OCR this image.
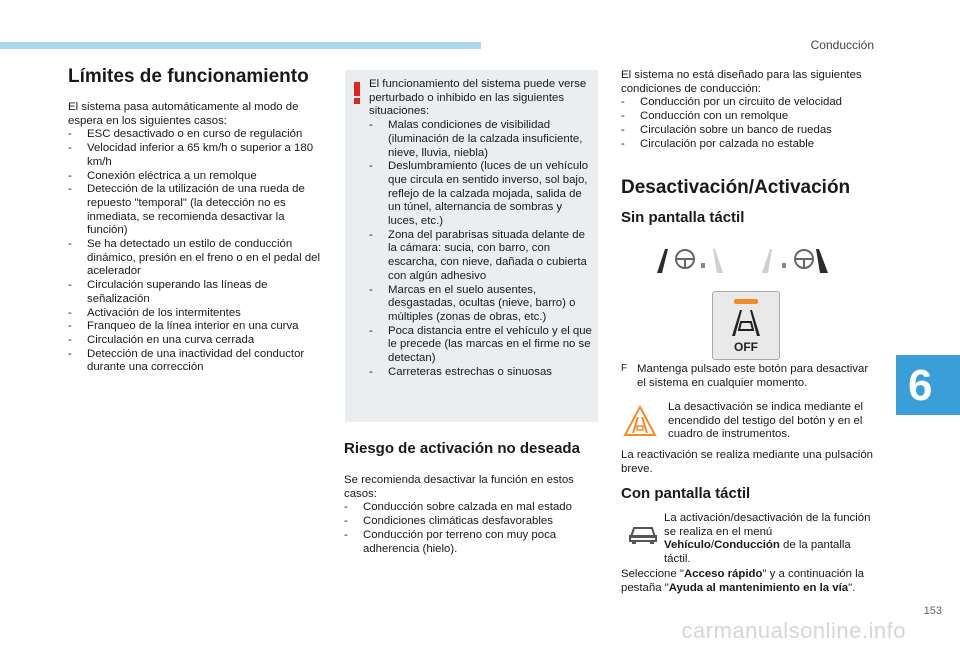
Conducción
Límites de funcionamiento
El sistema pasa automáticamente al modo de espera en los siguientes casos:
- ESC desactivado o en curso de regulación
- Velocidad inferior a 65 km/h o superior a 180 km/h
- Conexión eléctrica a un remolque
- Detección de la utilización de una rueda de repuesto "temporal" (la detección no es inmediata, se recomienda desactivar la función)
- Se ha detectado un estilo de conducción dinámico, presión en el freno o en el pedal del acelerador
- Circulación superando las líneas de señalización
- Activación de los intermitentes
- Franqueo de la línea interior en una curva
- Circulación en una curva cerrada
- Detección de una inactividad del conductor durante una corrección
El funcionamiento del sistema puede verse perturbado o inhibido en las siguientes situaciones:
- Malas condiciones de visibilidad (iluminación de la calzada insuficiente, nieve, lluvia, niebla)
- Deslumbramiento (luces de un vehículo que circula en sentido inverso, sol bajo, reflejo de la calzada mojada, salida de un túnel, alternancia de sombras y luces, etc.)
- Zona del parabrisas situada delante de la cámara: sucia, con barro, con escarcha, con nieve, dañada o cubierta con algún adhesivo
- Marcas en el suelo ausentes, desgastadas, ocultas (nieve, barro) o múltiples (zonas de obras, etc.)
- Poca distancia entre el vehículo y el que le precede (las marcas en el firme no se detectan)
- Carreteras estrechas o sinuosas
Riesgo de activación no deseada
Se recomienda desactivar la función en estos casos:
- Conducción sobre calzada en mal estado
- Condiciones climáticas desfavorables
- Conducción por terreno con muy poca adherencia (hielo).
El sistema no está diseñado para las siguientes condiciones de conducción:
- Conducción por un circuito de velocidad
- Conducción con un remolque
- Circulación sobre un banco de ruedas
- Circulación por calzada no estable
Desactivación/Activación
Sin pantalla táctil
OFF
F Mantenga pulsado este botón para desactivar el sistema en cualquier momento.
La desactivación se indica mediante el encendido del testigo del botón y en el cuadro de instrumentos.
La reactivación se realiza mediante una pulsación breve.
Con pantalla táctil
La activación/desactivación de la función se realiza en el menú Vehículo/Conducción de la pantalla táctil.
Seleccione "Acceso rápido" y a continuación la pestaña "Ayuda al mantenimiento en la vía".
6
153
carmanualsonline.info
